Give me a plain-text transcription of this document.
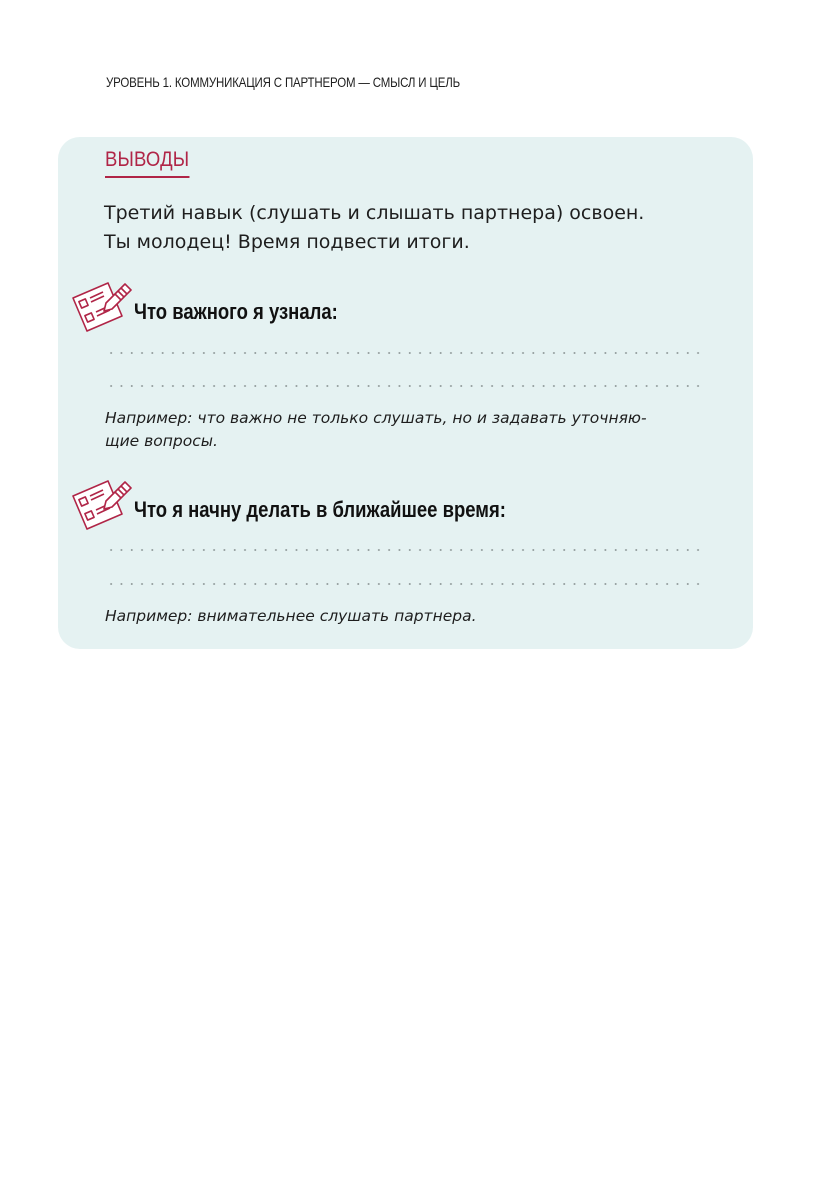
УРОВЕНЬ 1. КОММУНИКАЦИЯ С ПАРТНЕРОМ — СМЫСЛ И ЦЕЛЬ
ВЫВОДЫ
Третий навык (слушать и слышать партнера) освоен.
Ты молодец! Время подвести итоги.
Что важного я узнала:
Например: что важно не только слушать, но и задавать уточняю-
щие вопросы.
Что я начну делать в ближайшее время:
Например: внимательнее слушать партнера.
